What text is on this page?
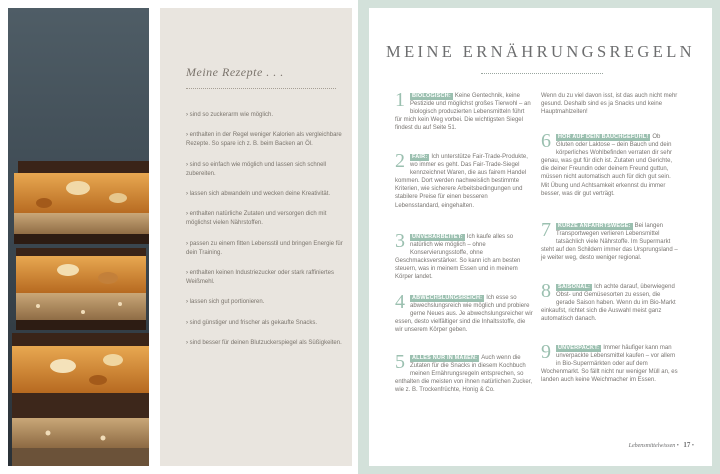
Meine Rezepte . . .
› sind so zuckerarm wie möglich.
› enthalten in der Regel weniger Kalorien als vergleichbare Rezepte. So spare ich z. B. beim Backen an Öl.
› sind so einfach wie möglich und lassen sich schnell zubereiten.
› lassen sich abwandeln und wecken deine Kreativität.
› enthalten natürliche Zutaten und versorgen dich mit möglichst vielen Nährstoffen.
› passen zu einem fitten Lebensstil und bringen Energie für dein Training.
› enthalten keinen Industriezucker oder stark raffiniertes Weißmehl.
› lassen sich gut portionieren.
› sind günstiger und frischer als gekaufte Snacks.
› sind besser für deinen Blutzuckerspiegel als Süßigkeiten.
MEINE ERNÄHRUNGSREGELN
1 BIOLOGISCH: Keine Gentechnik, keine Pestizide und möglichst großes Tierwohl – an biologisch produzierten Lebensmitteln führt für mich kein Weg vorbei. Die wichtigsten Siegel findest du auf Seite 51.
2 FAIR: Ich unterstütze Fair-Trade-Produkte, wo immer es geht. Das Fair-Trade-Siegel kennzeichnet Waren, die aus fairem Handel kommen. Dort werden nachweislich bestimmte Kriterien, wie sicherere Arbeitsbedingungen und stabilere Preise für einen besseren Lebensstandard, eingehalten.
3 UNVERARBEITET: Ich kaufe alles so natürlich wie möglich – ohne Konservierungsstoffe, ohne Geschmacksverstärker. So kann ich am besten steuern, was in meinem Essen und in meinem Körper landet.
4 ABWECHSLUNGSREICH: Ich esse so abwechslungsreich wie möglich und probiere gerne Neues aus. Je abwechslungsreicher wir essen, desto vielfältiger sind die Inhaltsstoffe, die wir unserem Körper geben.
5 ALLES NUR IN MAßEN: Auch wenn die Zutaten für die Snacks in diesem Kochbuch meinen Ernährungsregeln entsprechen, so enthalten die meisten von ihnen natürlichen Zucker, wie z. B. Trockenfrüchte, Honig & Co.

Wenn du zu viel davon isst, ist das auch nicht mehr gesund. Deshalb sind es ja Snacks und keine Hauptmahlzeiten!

6 HÖR AUF DEIN BAUCHGEFÜHL! Ob Gluten oder Laktose – dein Bauch und dein körperliches Wohlbefinden verraten dir sehr genau, was gut für dich ist. Zutaten und Gerichte, die deiner Freundin oder deinem Freund guttun, müssen nicht automatisch auch für dich gut sein. Mit Übung und Achtsamkeit erkennst du immer besser, was dir gut verträgt.
7 KURZE ANFAHRTSWEGE: Bei langen Transportwegen verlieren Lebensmittel tatsächlich viele Nährstoffe. Im Supermarkt steht auf den Schildern immer das Ursprungsland – je weiter weg, desto weniger regional.
8 SAISONAL: Ich achte darauf, überwiegend Obst- und Gemüsesorten zu essen, die gerade Saison haben. Wenn du im Bio-Markt einkaufst, richtet sich die Auswahl meist ganz automatisch danach.
9 UNVERPACKT: Immer häufiger kann man unverpackte Lebensmittel kaufen – vor allem in Bio-Supermärkten oder auf dem Wochenmarkt. So fällt nicht nur weniger Müll an, es landen auch keine Weichmacher im Essen.
Lebensmittelwissen • 17 •
